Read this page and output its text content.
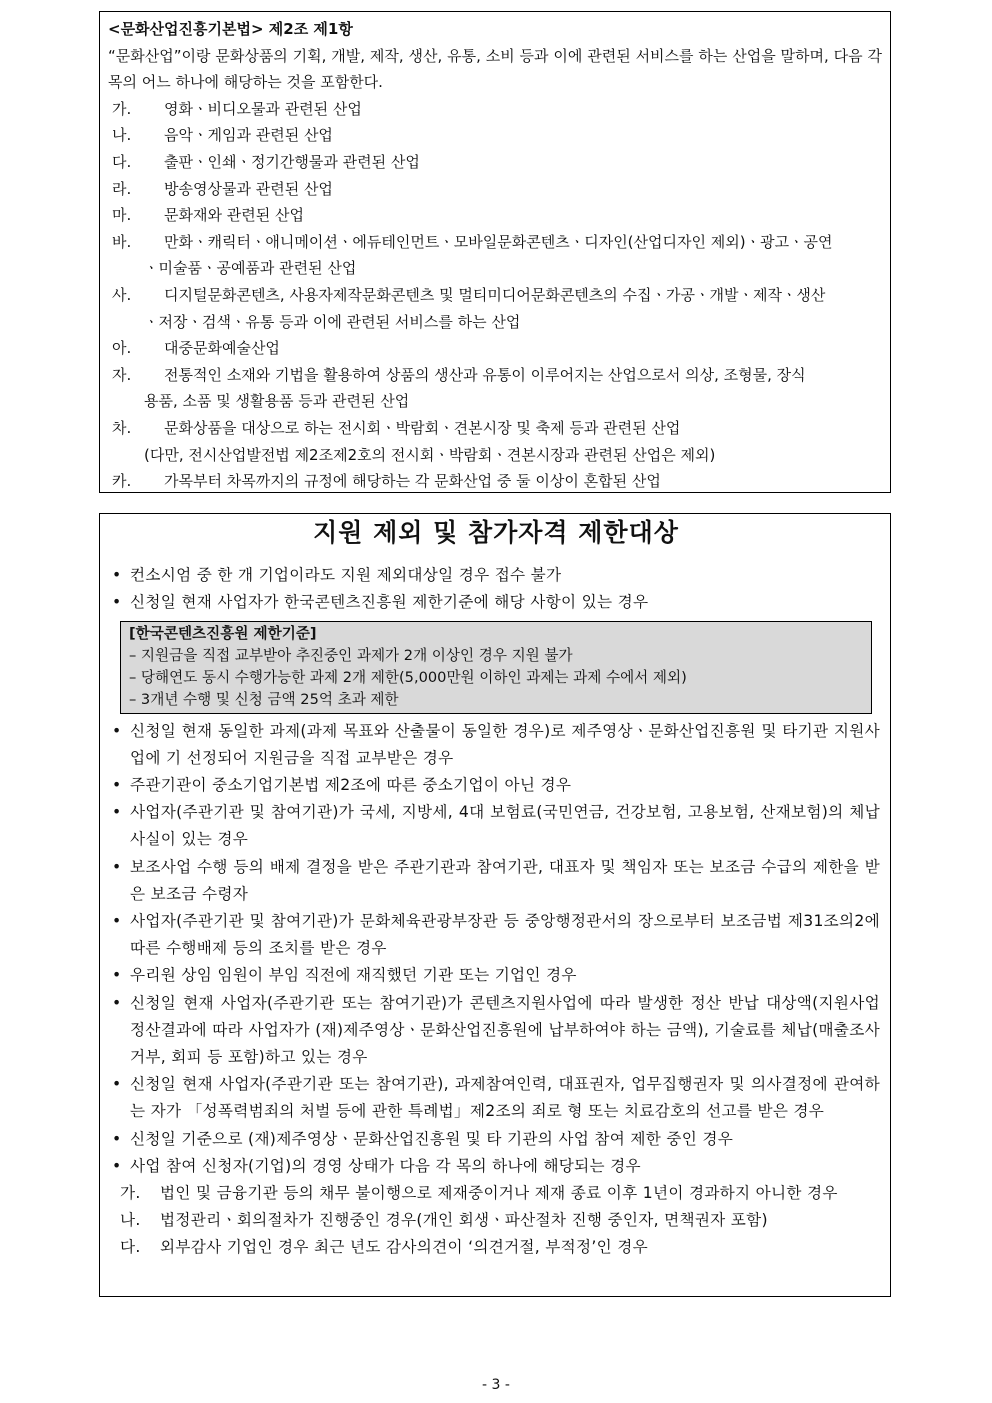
<문화산업진흥기본법> 제2조 제1항
“문화산업”이랑 문화상품의 기획, 개발, 제작, 생산, 유통, 소비 등과 이에 관련된 서비스를 하는 산업을 말하며, 다음 각 목의 어느 하나에 해당하는 것을 포함한다.
가. 영화ㆍ비디오물과 관련된 산업
나. 음악ㆍ게임과 관련된 산업
다. 출판ㆍ인쇄ㆍ정기간행물과 관련된 산업
라. 방송영상물과 관련된 산업
마. 문화재와 관련된 산업
바. 만화ㆍ캐릭터ㆍ애니메이션ㆍ에듀테인먼트ㆍ모바일문화콘텐츠ㆍ디자인(산업디자인 제외)ㆍ광고ㆍ공연
ㆍ미술품ㆍ공예품과 관련된 산업
사. 디지털문화콘텐츠, 사용자제작문화콘텐츠 및 멀티미디어문화콘텐츠의 수집ㆍ가공ㆍ개발ㆍ제작ㆍ생산
ㆍ저장ㆍ검색ㆍ유통 등과 이에 관련된 서비스를 하는 산업
아. 대중문화예술산업
자. 전통적인 소재와 기법을 활용하여 상품의 생산과 유통이 이루어지는 산업으로서 의상, 조형물, 장식
용품, 소품 및 생활용품 등과 관련된 산업
차. 문화상품을 대상으로 하는 전시회ㆍ박람회ㆍ견본시장 및 축제 등과 관련된 산업
(다만, 전시산업발전법 제2조제2호의 전시회ㆍ박람회ㆍ견본시장과 관련된 산업은 제외)
카. 가목부터 차목까지의 규정에 해당하는 각 문화산업 중 둘 이상이 혼합된 산업
지원 제외 및 참가자격 제한대상
• 컨소시엄 중 한 개 기업이라도 지원 제외대상일 경우 접수 불가
• 신청일 현재 사업자가 한국콘텐츠진흥원 제한기준에 해당 사항이 있는 경우
[한국콘텐츠진흥원 제한기준]
– 지원금을 직접 교부받아 추진중인 과제가 2개 이상인 경우 지원 불가
– 당해연도 동시 수행가능한 과제 2개 제한(5,000만원 이하인 과제는 과제 수에서 제외)
– 3개년 수행 및 신청 금액 25억 초과 제한
• 신청일 현재 동일한 과제(과제 목표와 산출물이 동일한 경우)로 제주영상ㆍ문화산업진흥원 및 타기관 지원사업에 기 선정되어 지원금을 직접 교부받은 경우
• 주관기관이 중소기업기본법 제2조에 따른 중소기업이 아닌 경우
• 사업자(주관기관 및 참여기관)가 국세, 지방세, 4대 보험료(국민연금, 건강보험, 고용보험, 산재보험)의 체납 사실이 있는 경우
• 보조사업 수행 등의 배제 결정을 받은 주관기관과 참여기관, 대표자 및 책임자 또는 보조금 수급의 제한을 받은 보조금 수령자
• 사업자(주관기관 및 참여기관)가 문화체육관광부장관 등 중앙행정관서의 장으로부터 보조금법 제31조의2에 따른 수행배제 등의 조치를 받은 경우
• 우리원 상임 임원이 부임 직전에 재직했던 기관 또는 기업인 경우
• 신청일 현재 사업자(주관기관 또는 참여기관)가 콘텐츠지원사업에 따라 발생한 정산 반납 대상액(지원사업 정산결과에 따라 사업자가 (재)제주영상ㆍ문화산업진흥원에 납부하여야 하는 금액), 기술료를 체납(매출조사 거부, 회피 등 포함)하고 있는 경우
• 신청일 현재 사업자(주관기관 또는 참여기관), 과제참여인력, 대표권자, 업무집행권자 및 의사결정에 관여하는 자가 「성폭력범죄의 처벌 등에 관한 특례법」제2조의 죄로 형 또는 치료감호의 선고를 받은 경우
• 신청일 기준으로 (재)제주영상ㆍ문화산업진흥원 및 타 기관의 사업 참여 제한 중인 경우
• 사업 참여 신청자(기업)의 경영 상태가 다음 각 목의 하나에 해당되는 경우
가. 법인 및 금융기관 등의 채무 불이행으로 제재중이거나 제재 종료 이후 1년이 경과하지 아니한 경우
나. 법정관리ㆍ회의절차가 진행중인 경우(개인 회생ㆍ파산절차 진행 중인자, 면책권자 포함)
다. 외부감사 기업인 경우 최근 년도 감사의견이 ‘의견거절, 부적정’인 경우
- 3 -
